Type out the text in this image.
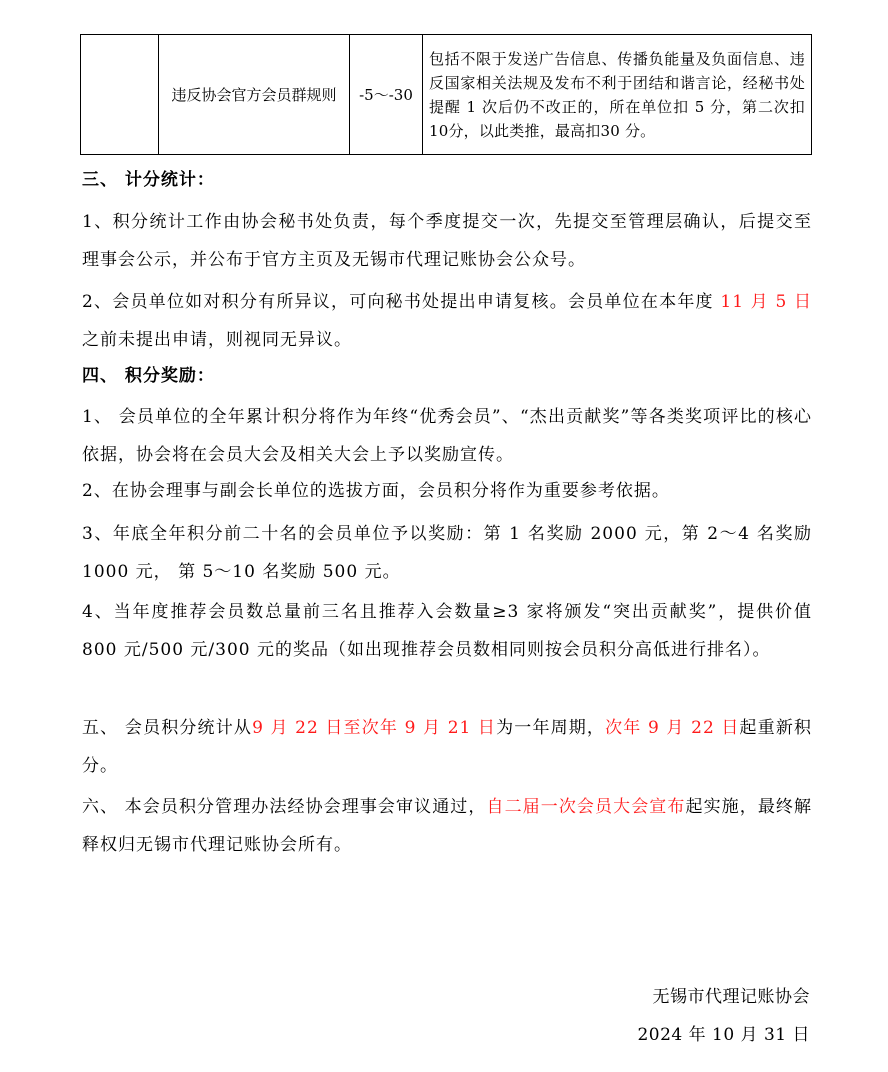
	违反协会官方会员群规则	-5～-30	包括不限于发送广告信息、传播负能量及负面信息、违反国家相关法规及发布不利于团结和谐言论，经秘书处提醒 1 次后仍不改正的，所在单位扣 5 分，第二次扣 10分，以此类推，最高扣30 分。
三、 计分统计：
1、积分统计工作由协会秘书处负责，每个季度提交一次，先提交至管理层确认，后提交至理事会公示，并公布于官方主页及无锡市代理记账协会公众号。
2、会员单位如对积分有所异议，可向秘书处提出申请复核。会员单位在本年度 11 月 5 日之前未提出申请，则视同无异议。
四、 积分奖励：
1、 会员单位的全年累计积分将作为年终“优秀会员”、“杰出贡献奖”等各类奖项评比的核心依据，协会将在会员大会及相关大会上予以奖励宣传。
2、在协会理事与副会长单位的选拔方面，会员积分将作为重要参考依据。
3、年底全年积分前二十名的会员单位予以奖励：第 1 名奖励 2000 元，第 2～4 名奖励 1000 元， 第 5～10 名奖励 500 元。
4、当年度推荐会员数总量前三名且推荐入会数量≥3 家将颁发“突出贡献奖”，提供价值 800 元/500 元/300 元的奖品（如出现推荐会员数相同则按会员积分高低进行排名）。
五、 会员积分统计从9 月 22 日至次年 9 月 21 日为一年周期，次年 9 月 22 日起重新积分。
六、 本会员积分管理办法经协会理事会审议通过，自二届一次会员大会宣布起实施，最终解释权归无锡市代理记账协会所有。
无锡市代理记账协会
2024 年 10 月 31 日
